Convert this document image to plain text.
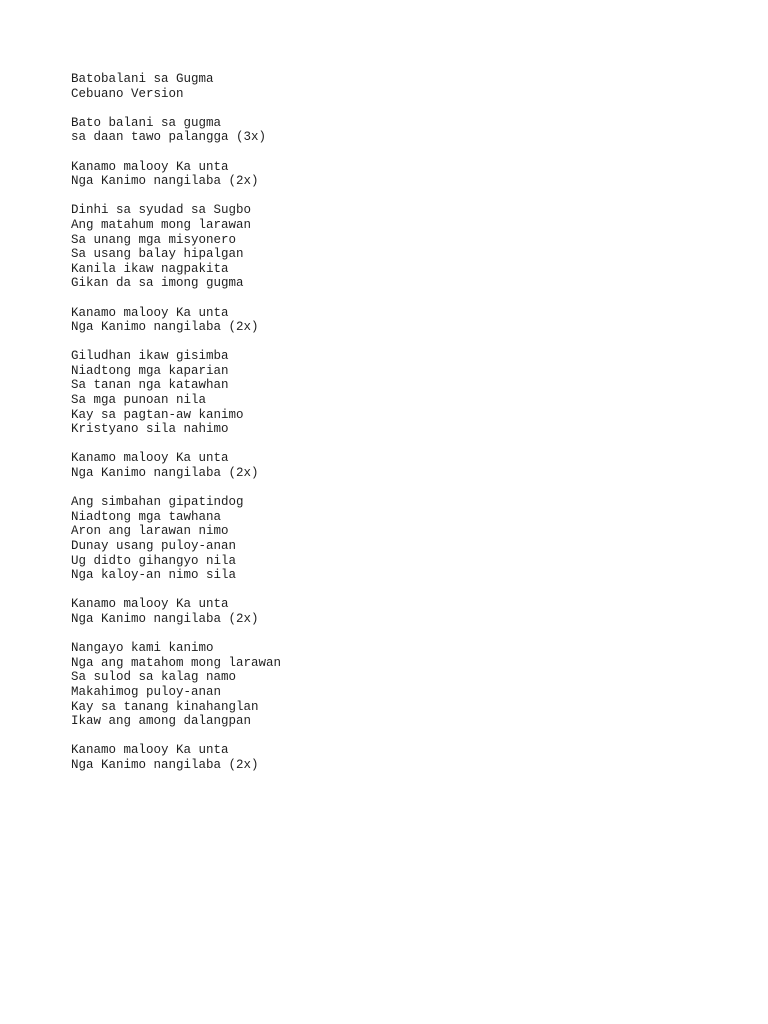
Batobalani sa Gugma
Cebuano Version
Bato balani sa gugma
sa daan tawo palangga (3x)
Kanamo malooy Ka unta
Nga Kanimo nangilaba (2x)
Dinhi sa syudad sa Sugbo
Ang matahum mong larawan
Sa unang mga misyonero
Sa usang balay hipalgan
Kanila ikaw nagpakita
Gikan da sa imong gugma
Kanamo malooy Ka unta
Nga Kanimo nangilaba (2x)
Giludhan ikaw gisimba
Niadtong mga kaparian
Sa tanan nga katawhan
Sa mga punoan nila
Kay sa pagtan-aw kanimo
Kristyano sila nahimo
Kanamo malooy Ka unta
Nga Kanimo nangilaba (2x)
Ang simbahan gipatindog
Niadtong mga tawhana
Aron ang larawan nimo
Dunay usang puloy-anan
Ug didto gihangyo nila
Nga kaloy-an nimo sila
Kanamo malooy Ka unta
Nga Kanimo nangilaba (2x)
Nangayo kami kanimo
Nga ang matahom mong larawan
Sa sulod sa kalag namo
Makahimog puloy-anan
Kay sa tanang kinahanglan
Ikaw ang among dalangpan
Kanamo malooy Ka unta
Nga Kanimo nangilaba (2x)
